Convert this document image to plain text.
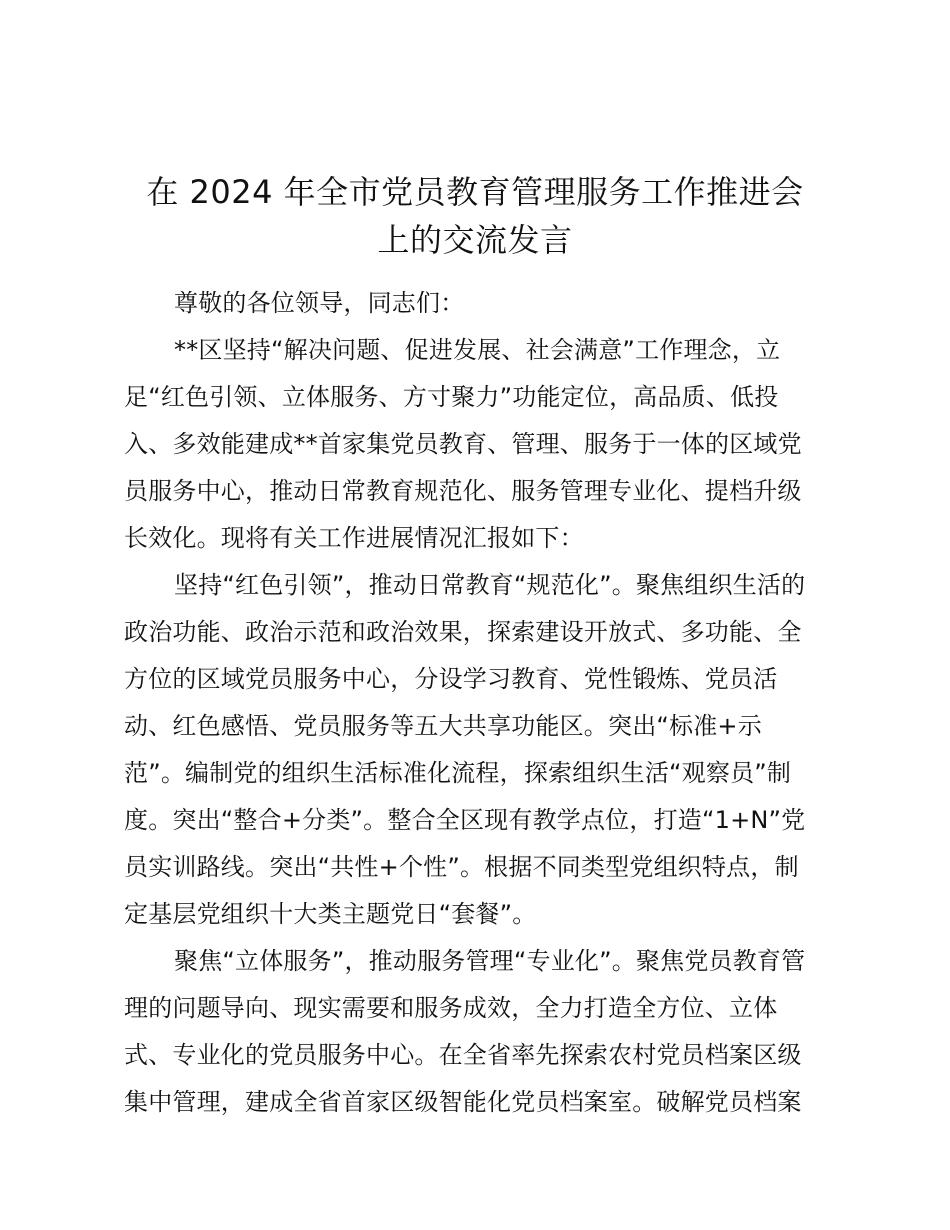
在 2024 年全市党员教育管理服务工作推进会
上的交流发言
尊敬的各位领导，同志们：
**区坚持“解决问题、促进发展、社会满意”工作理念，立
足“红色引领、立体服务、方寸聚力”功能定位，高品质、低投
入、多效能建成**首家集党员教育、管理、服务于一体的区域党
员服务中心，推动日常教育规范化、服务管理专业化、提档升级
长效化。现将有关工作进展情况汇报如下：
坚持“红色引领”，推动日常教育“规范化”。聚焦组织生活的
政治功能、政治示范和政治效果，探索建设开放式、多功能、全
方位的区域党员服务中心，分设学习教育、党性锻炼、党员活
动、红色感悟、党员服务等五大共享功能区。突出“标准+示
范”。编制党的组织生活标准化流程，探索组织生活“观察员”制
度。突出“整合+分类”。整合全区现有教学点位，打造“1+N”党
员实训路线。突出“共性+个性”。根据不同类型党组织特点，制
定基层党组织十大类主题党日“套餐”。
聚焦“立体服务”，推动服务管理“专业化”。聚焦党员教育管
理的问题导向、现实需要和服务成效，全力打造全方位、立体
式、专业化的党员服务中心。在全省率先探索农村党员档案区级
集中管理，建成全省首家区级智能化党员档案室。破解党员档案
